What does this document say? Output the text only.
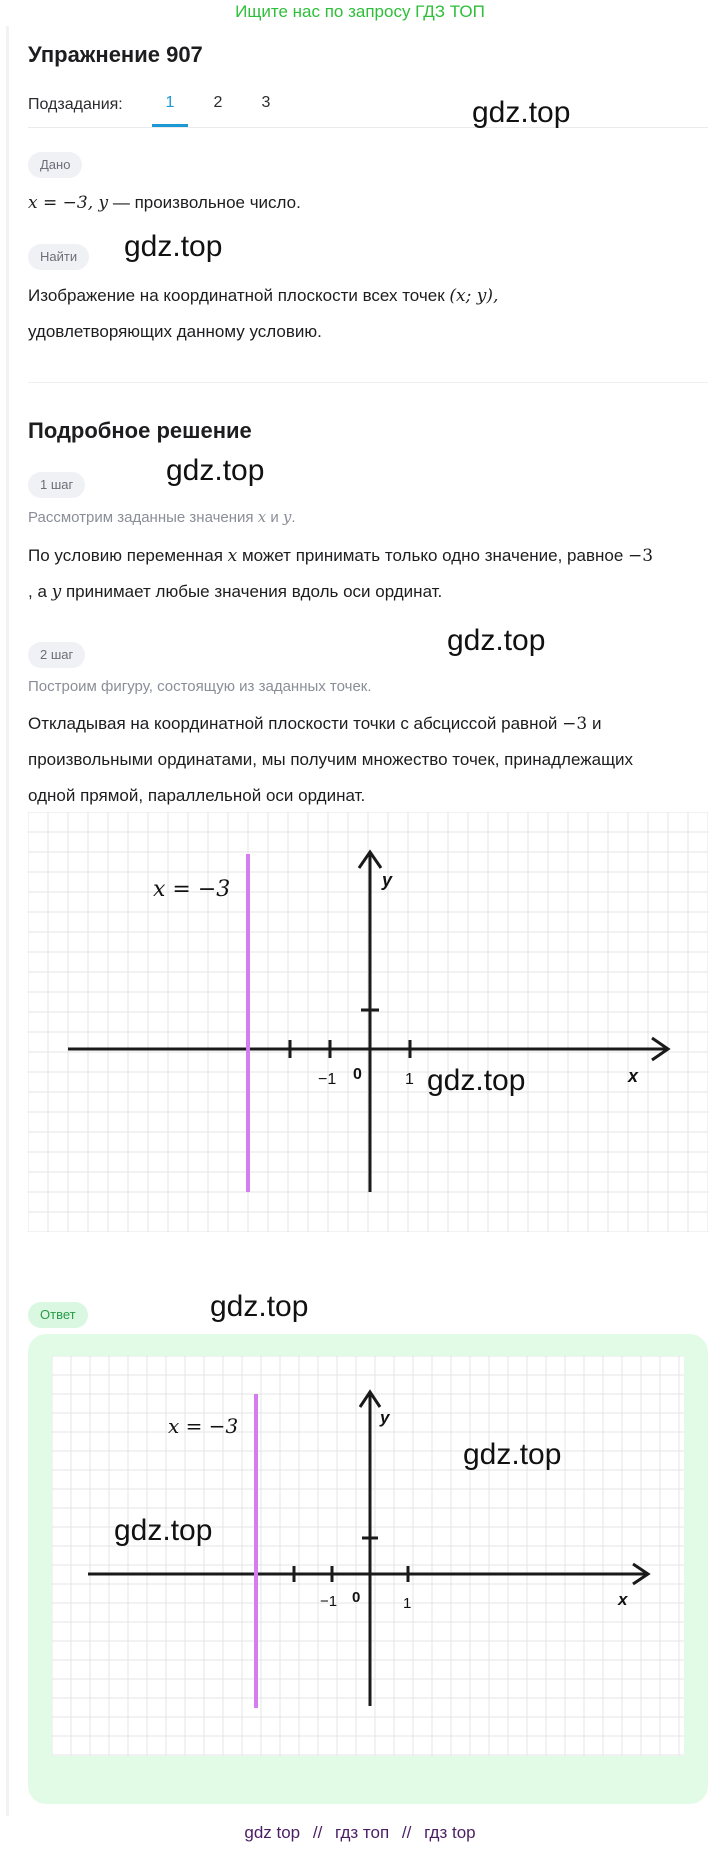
Ищите нас по запросу ГДЗ ТОП
Упражнение 907
Подзадания:	1	2	3
Дано
x = −3, y — произвольное число.
Найти
Изображение на координатной плоскости всех точек (x; y),
удовлетворяющих данному условию.
Подробное решение
1 шаг
Рассмотрим заданные значения x и y.
По условию переменная x может принимать только одно значение, равное −3
, а y принимает любые значения вдоль оси ординат.
2 шаг
Построим фигуру, состоящую из заданных точек.
Откладывая на координатной плоскости точки с абсциссой равной −3 и
произвольными ординатами, мы получим множество точек, принадлежащих
одной прямой, параллельной оси ординат.
x = −3	y
x
−1 0	1
Ответ
x = −3	y
x
−1 0	1
gdz.top
gdz.top
gdz.top
gdz.top
gdz.top
gdz.top
gdz.top
gdz.top
gdz top // гдз топ // гдз top
